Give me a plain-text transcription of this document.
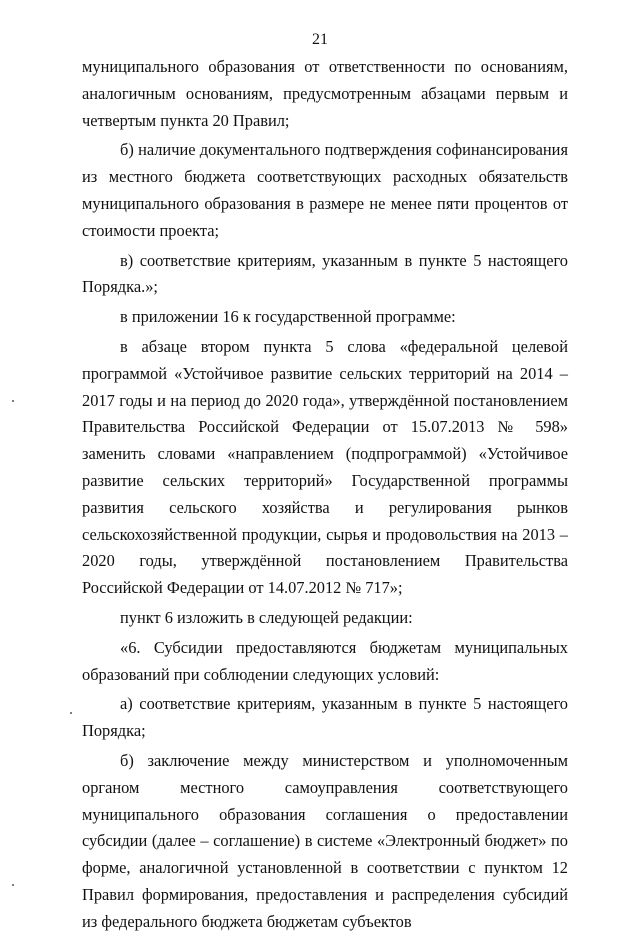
21

муниципального образования от ответственности по основаниям, аналогичным основаниям, предусмотренным абзацами первым и четвертым пункта 20 Правил;

б) наличие документального подтверждения софинансирования из местного бюджета соответствующих расходных обязательств муниципального образования в размере не менее пяти процентов от стоимости проекта;

в) соответствие критериям, указанным в пункте 5 настоящего Порядка.»;

в приложении 16 к государственной программе:

в абзаце втором пункта 5 слова «федеральной целевой программой «Устойчивое развитие сельских территорий на 2014 – 2017 годы и на период до 2020 года», утверждённой постановлением Правительства Российской Федерации от 15.07.2013 № 598» заменить словами «направлением (подпрограммой) «Устойчивое развитие сельских территорий» Государственной программы развития сельского хозяйства и регулирования рынков сельскохозяйственной продукции, сырья и продовольствия на 2013 – 2020 годы, утверждённой постановлением Правительства Российской Федерации от 14.07.2012 № 717»;

пункт 6 изложить в следующей редакции:

«6. Субсидии предоставляются бюджетам муниципальных образований при соблюдении следующих условий:

а) соответствие критериям, указанным в пункте 5 настоящего Порядка;

б) заключение между министерством и уполномоченным органом местного самоуправления соответствующего муниципального образования соглашения о предоставлении субсидии (далее – соглашение) в системе «Электронный бюджет» по форме, аналогичной установленной в соответствии с пунктом 12 Правил формирования, предоставления и распределения субсидий из федерального бюджета бюджетам субъектов
